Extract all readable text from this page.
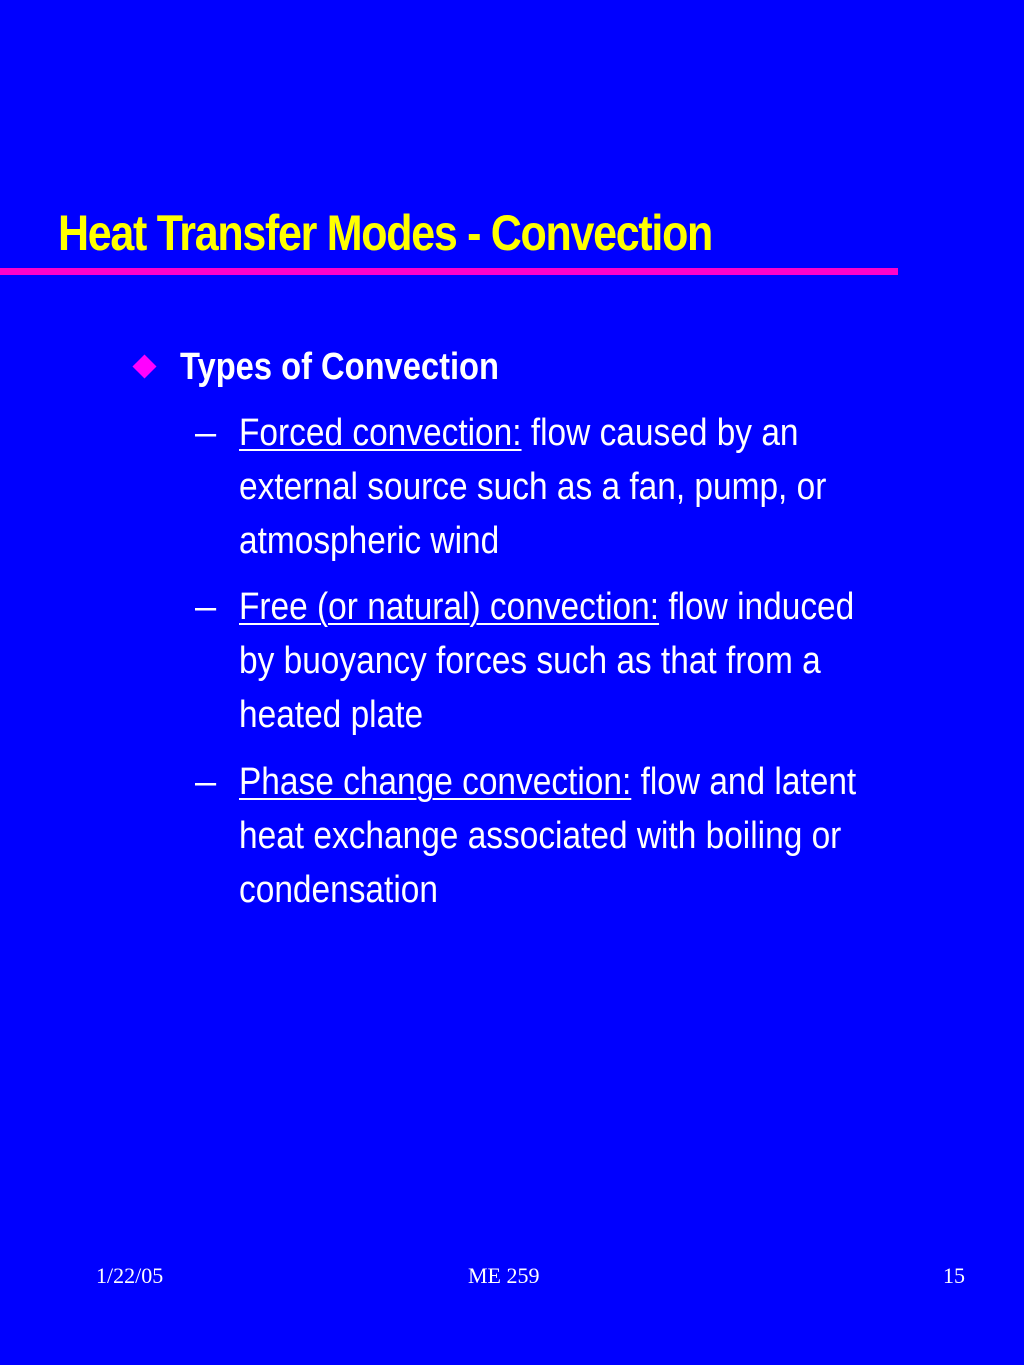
Heat Transfer Modes - Convection

Types of Convection

– Forced convection: flow caused by an
external source such as a fan, pump, or
atmospheric wind
– Free (or natural) convection: flow induced
by buoyancy forces such as that from a
heated plate
– Phase change convection: flow and latent
heat exchange associated with boiling or
condensation
1/22/05	ME 259	15
